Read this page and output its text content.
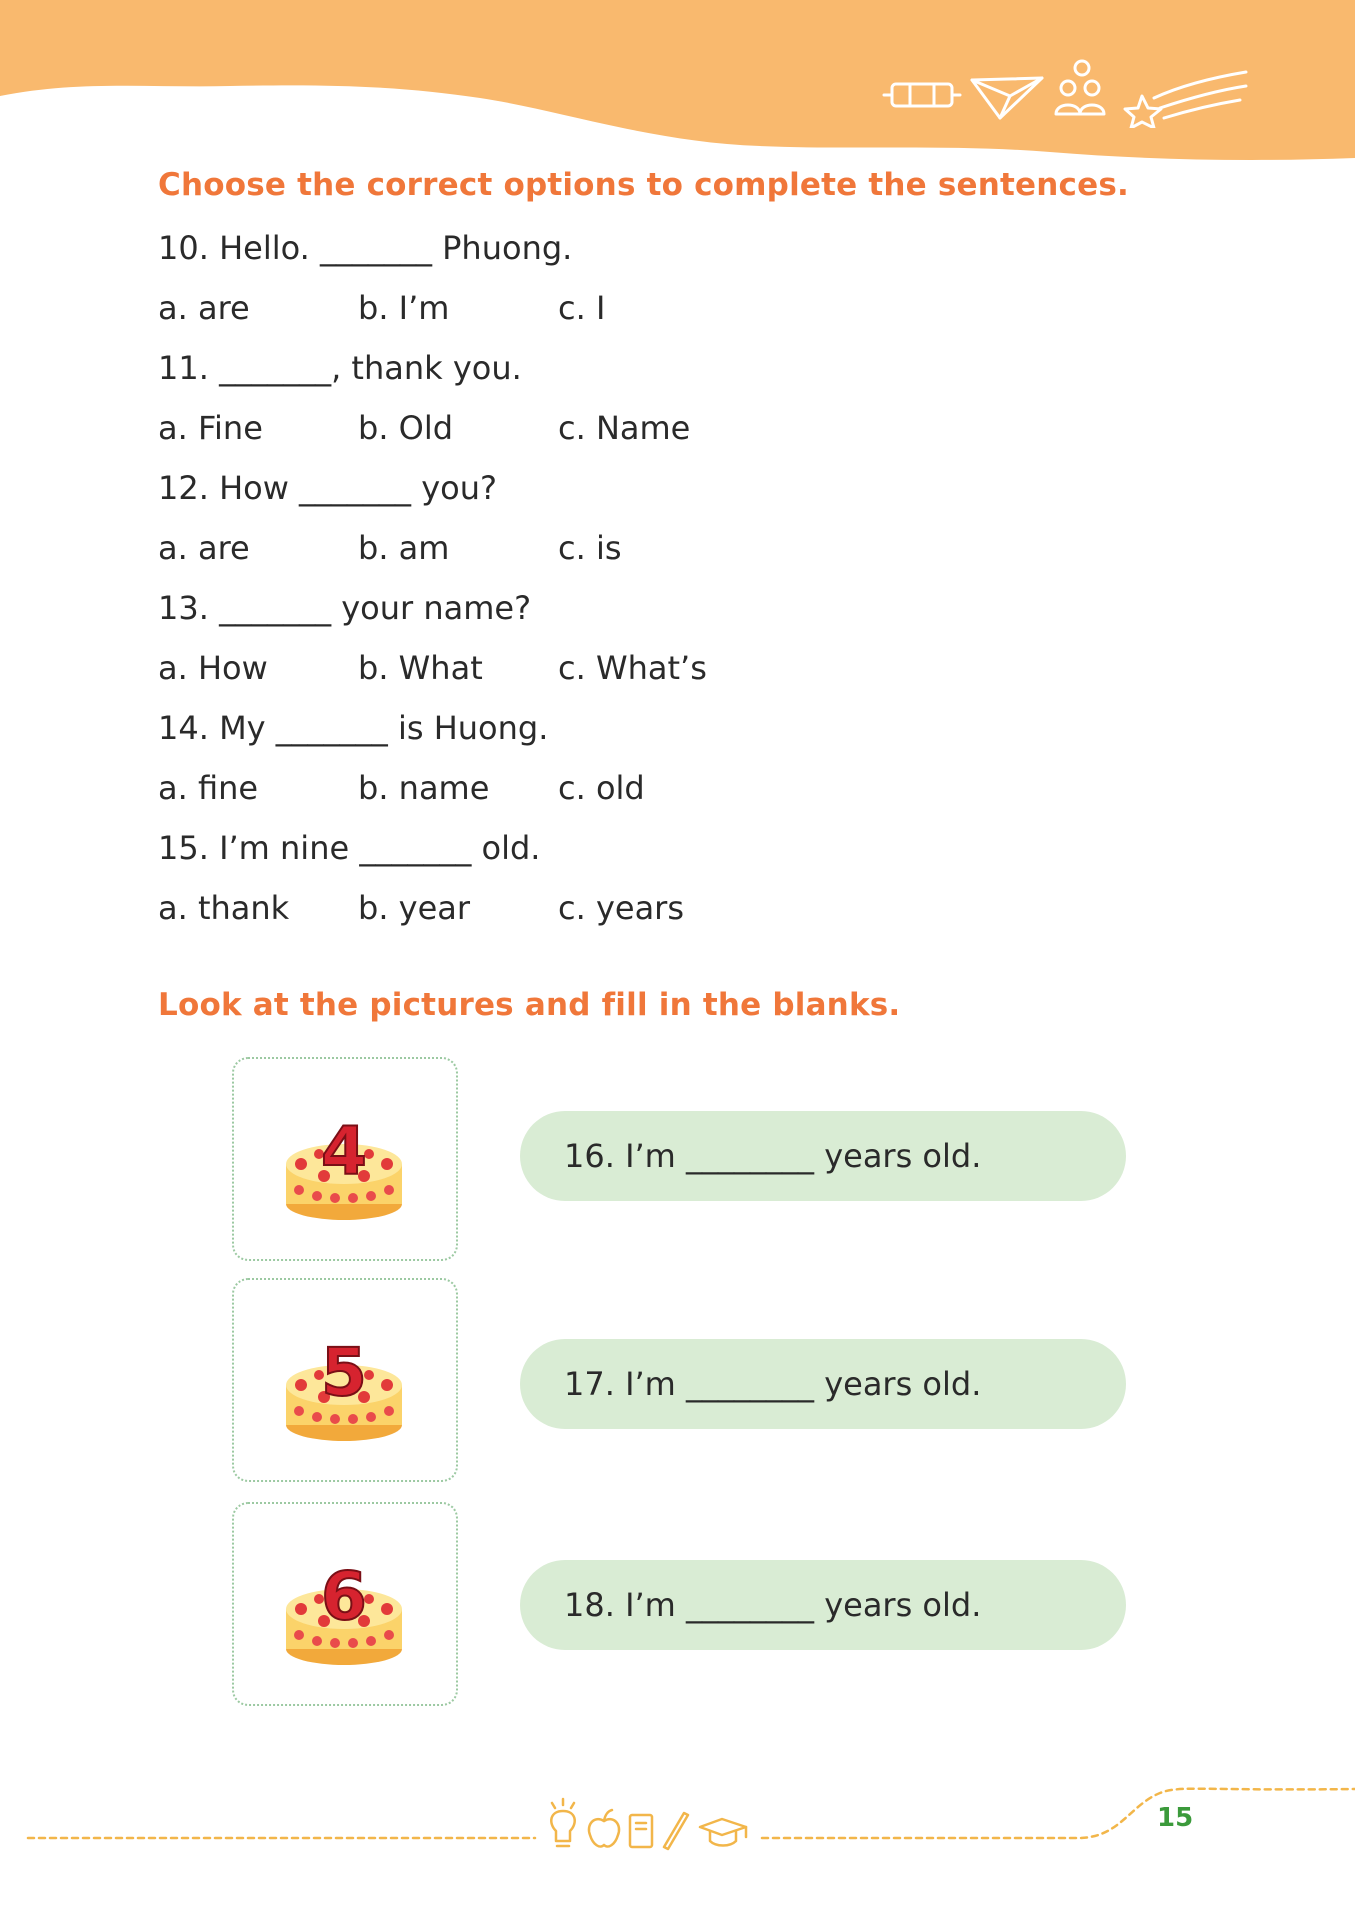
Choose the correct options to complete the sentences.
10. Hello. _______ Phuong.
a. are	b. I’m	c. I
11. _______, thank you.
a. Fine	b. Old	c. Name
12. How _______ you?
a. are	b. am	c. is
13. _______ your name?
a. How	b. What c. What’s
14. My _______ is Huong.
a. fine	b. name c. old
15. I’m nine _______ old.
a. thank b. year	c. years
Look at the pictures and fill in the blanks.
4	16. I’m ________ years old.
5	17. I’m ________ years old.
6	18. I’m ________ years old.
15
